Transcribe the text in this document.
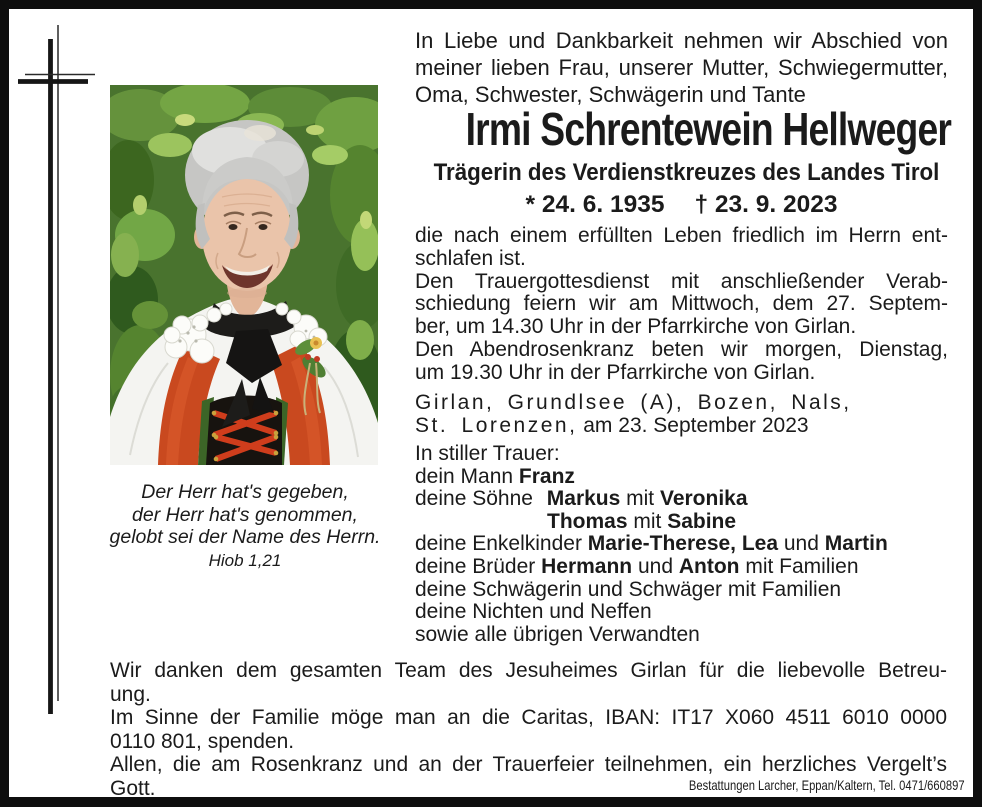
Der Herr hat's gegeben,
der Herr hat's genommen,
gelobt sei der Name des Herrn.
Hiob 1,21
In Liebe und Dankbarkeit nehmen wir Abschied von
meiner lieben Frau, unserer Mutter, Schwiegermutter,
Oma, Schwester, Schwägerin und Tante
Irmi Schrentewein Hellweger
Trägerin des Verdienstkreuzes des Landes Tirol
* 24. 6. 1935 † 23. 9. 2023
die nach einem erfüllten Leben friedlich im Herrn ent-
schlafen ist.
Den Trauergottesdienst mit anschließender Verab-
schiedung feiern wir am Mittwoch, dem 27. Septem-
ber, um 14.30 Uhr in der Pfarrkirche von Girlan.
Den Abendrosenkranz beten wir morgen, Dienstag,
um 19.30 Uhr in der Pfarrkirche von Girlan.
Girlan, Grundlsee (A), Bozen, Nals,
St. Lorenzen, am 23. September 2023
In stiller Trauer:
dein Mann Franz
deine Söhne Markus mit Veronika
Thomas mit Sabine
deine Enkelkinder Marie-Therese, Lea und Martin
deine Brüder Hermann und Anton mit Familien
deine Schwägerin und Schwäger mit Familien
deine Nichten und Neffen
sowie alle übrigen Verwandten
Wir danken dem gesamten Team des Jesuheimes Girlan für die liebevolle Betreu-
ung.
Im Sinne der Familie möge man an die Caritas, IBAN: IT17 X060 4511 6010 0000
0110 801, spenden.
Allen, die am Rosenkranz und an der Trauerfeier teilnehmen, ein herzliches Vergelt’s
Gott.	Bestattungen Larcher, Eppan/Kaltern, Tel. 0471/660897
